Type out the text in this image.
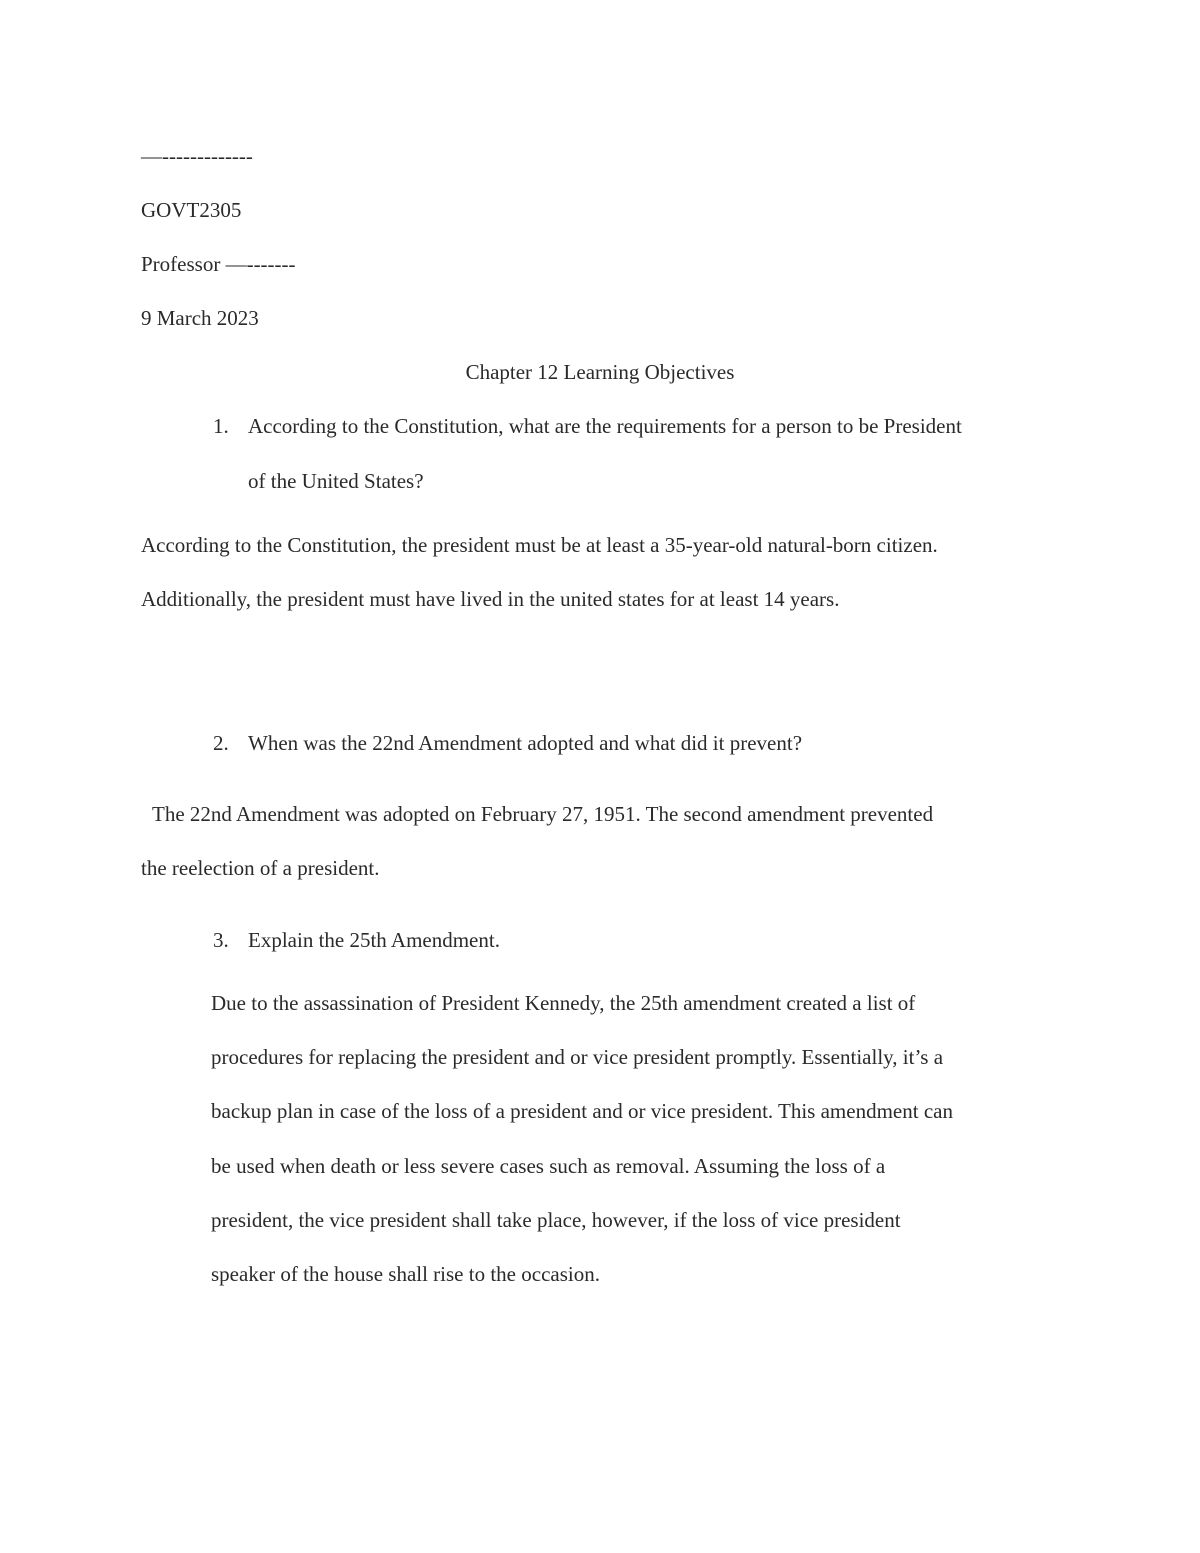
—-------------
GOVT2305
Professor —-------
9 March 2023
Chapter 12 Learning Objectives
1. According to the Constitution, what are the requirements for a person to be President
of the United States?
According to the Constitution, the president must be at least a 35-year-old natural-born citizen.
Additionally, the president must have lived in the united states for at least 14 years.
2. When was the 22nd Amendment adopted and what did it prevent?
The 22nd Amendment was adopted on February 27, 1951. The second amendment prevented
the reelection of a president.
3. Explain the 25th Amendment.
Due to the assassination of President Kennedy, the 25th amendment created a list of
procedures for replacing the president and or vice president promptly. Essentially, it’s a
backup plan in case of the loss of a president and or vice president. This amendment can
be used when death or less severe cases such as removal. Assuming the loss of a
president, the vice president shall take place, however, if the loss of vice president
speaker of the house shall rise to the occasion.
